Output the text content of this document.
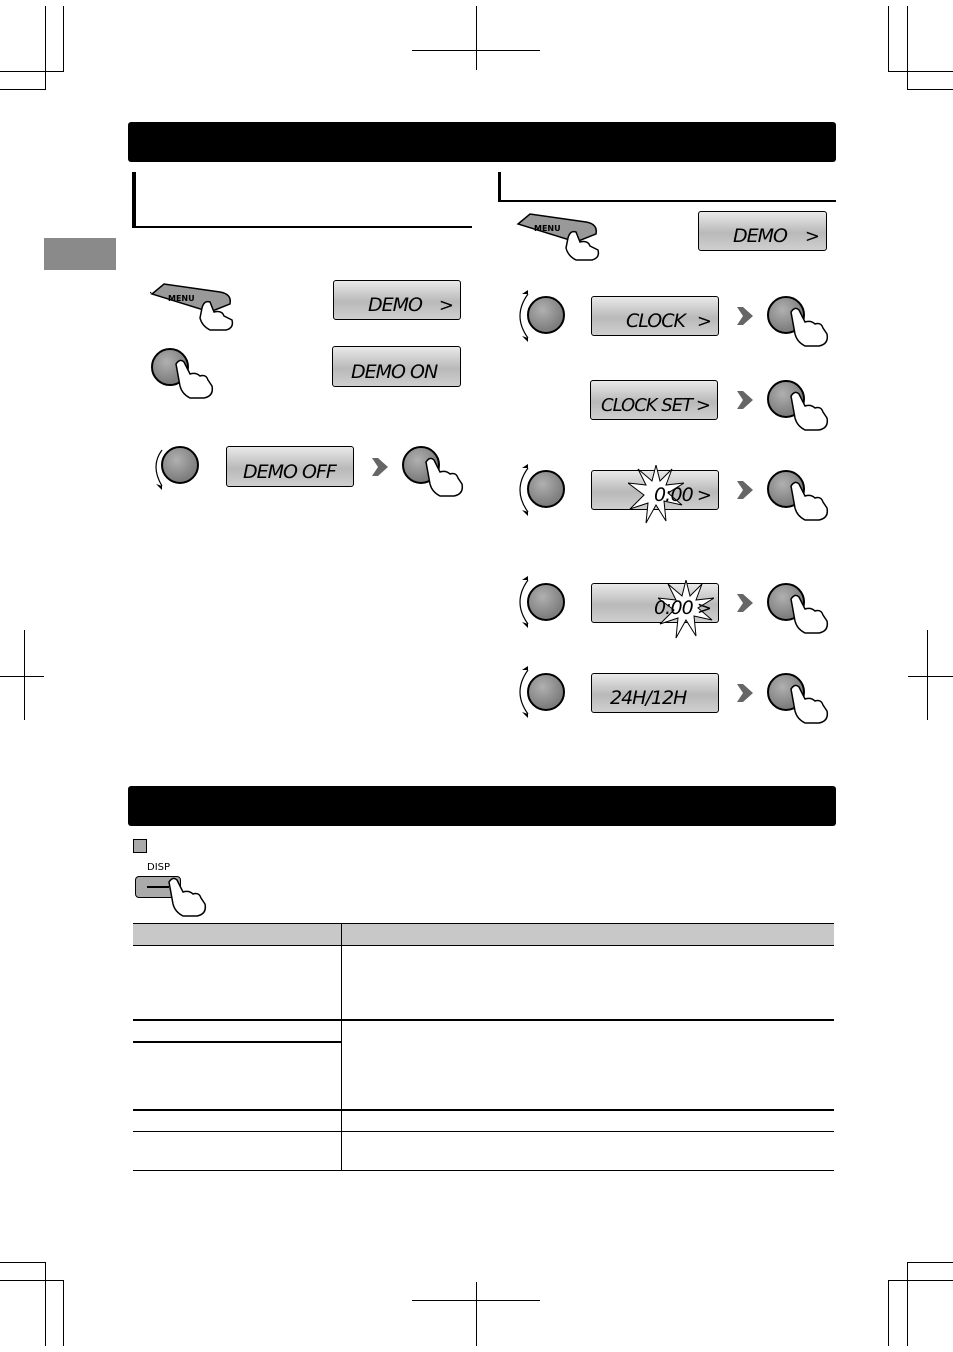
MENU	DEMO >
DEMO ON
DEMO OFF
MENU	DEMO >
CLOCK >
CLOCK SET >
0:00 >
0:00 >
24H/12H
DISP
